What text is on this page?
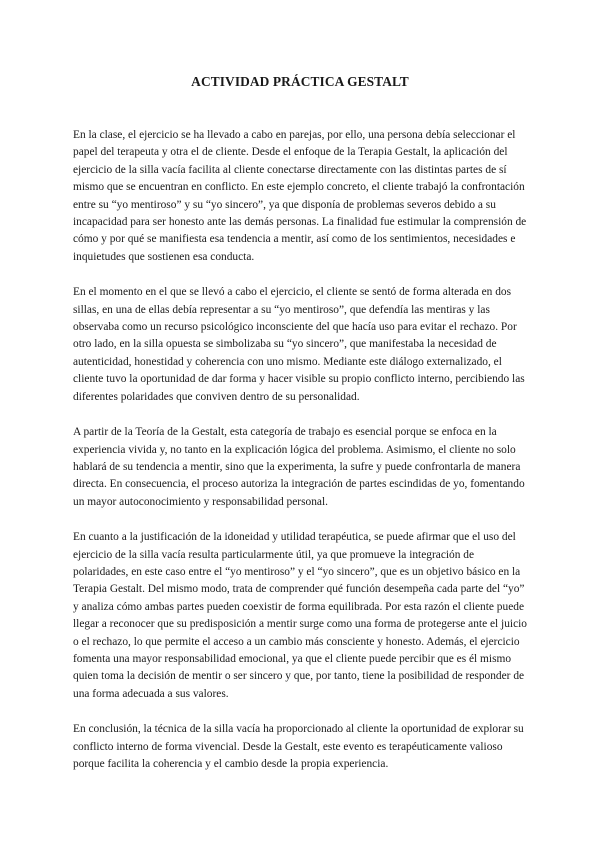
ACTIVIDAD PRÁCTICA GESTALT

En la clase, el ejercicio se ha llevado a cabo en parejas, por ello, una persona debía seleccionar el papel del terapeuta y otra el de cliente. Desde el enfoque de la Terapia Gestalt, la aplicación del ejercicio de la silla vacía facilita al cliente conectarse directamente con las distintas partes de sí mismo que se encuentran en conflicto. En este ejemplo concreto, el cliente trabajó la confrontación entre su “yo mentiroso” y su “yo sincero”, ya que disponía de problemas severos debido a su incapacidad para ser honesto ante las demás personas. La finalidad fue estimular la comprensión de cómo y por qué se manifiesta esa tendencia a mentir, así como de los sentimientos, necesidades e inquietudes que sostienen esa conducta.

En el momento en el que se llevó a cabo el ejercicio, el cliente se sentó de forma alterada en dos sillas, en una de ellas debía representar a su “yo mentiroso”, que defendía las mentiras y las observaba como un recurso psicológico inconsciente del que hacía uso para evitar el rechazo. Por otro lado, en la silla opuesta se simbolizaba su “yo sincero”, que manifestaba la necesidad de autenticidad, honestidad y coherencia con uno mismo. Mediante este diálogo externalizado, el cliente tuvo la oportunidad de dar forma y hacer visible su propio conflicto interno, percibiendo las diferentes polaridades que conviven dentro de su personalidad.

A partir de la Teoría de la Gestalt, esta categoría de trabajo es esencial porque se enfoca en la experiencia vivida y, no tanto en la explicación lógica del problema. Asimismo, el cliente no solo hablará de su tendencia a mentir, sino que la experimenta, la sufre y puede confrontarla de manera directa. En consecuencia, el proceso autoriza la integración de partes escindidas de yo, fomentando un mayor autoconocimiento y responsabilidad personal.

En cuanto a la justificación de la idoneidad y utilidad terapéutica, se puede afirmar que el uso del ejercicio de la silla vacía resulta particularmente útil, ya que promueve la integración de polaridades, en este caso entre el “yo mentiroso” y el “yo sincero”, que es un objetivo básico en la Terapia Gestalt. Del mismo modo, trata de comprender qué función desempeña cada parte del “yo” y analiza cómo ambas partes pueden coexistir de forma equilibrada. Por esta razón el cliente puede llegar a reconocer que su predisposición a mentir surge como una forma de protegerse ante el juicio o el rechazo, lo que permite el acceso a un cambio más consciente y honesto. Además, el ejercicio fomenta una mayor responsabilidad emocional, ya que el cliente puede percibir que es él mismo quien toma la decisión de mentir o ser sincero y que, por tanto, tiene la posibilidad de responder de una forma adecuada a sus valores.

En conclusión, la técnica de la silla vacía ha proporcionado al cliente la oportunidad de explorar su conflicto interno de forma vivencial. Desde la Gestalt, este evento es terapéuticamente valioso porque facilita la coherencia y el cambio desde la propia experiencia.
